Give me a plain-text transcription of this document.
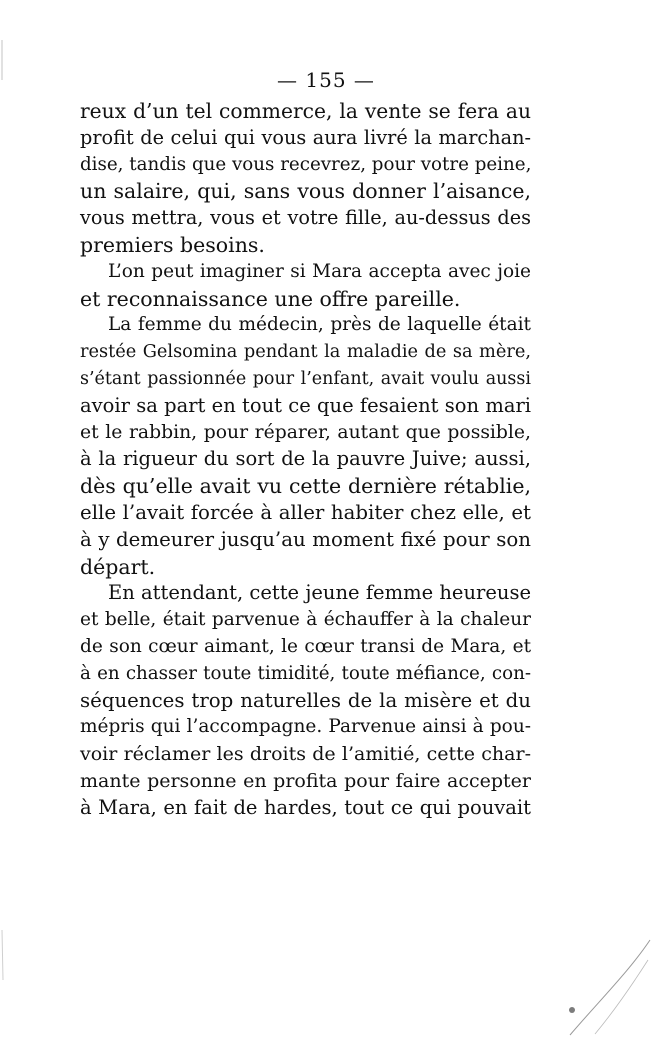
— 155 —
reux d’un tel commerce, la vente se fera au
profit de celui qui vous aura livré la marchan-
dise, tandis que vous recevrez, pour votre peine,
un salaire, qui, sans vous donner l’aisance,
vous mettra, vous et votre fille, au-dessus des
premiers besoins.
L’on peut imaginer si Mara accepta avec joie
et reconnaissance une offre pareille.
La femme du médecin, près de laquelle était
restée Gelsomina pendant la maladie de sa mère,
s’étant passionnée pour l’enfant, avait voulu aussi
avoir sa part en tout ce que fesaient son mari
et le rabbin, pour réparer, autant que possible,
à la rigueur du sort de la pauvre Juive; aussi,
dès qu’elle avait vu cette dernière rétablie,
elle l’avait forcée à aller habiter chez elle, et
à y demeurer jusqu’au moment fixé pour son
départ.
En attendant, cette jeune femme heureuse
et belle, était parvenue à échauffer à la chaleur
de son cœur aimant, le cœur transi de Mara, et
à en chasser toute timidité, toute méfiance, con-
séquences trop naturelles de la misère et du
mépris qui l’accompagne. Parvenue ainsi à pou-
voir réclamer les droits de l’amitié, cette char-
mante personne en profita pour faire accepter
à Mara, en fait de hardes, tout ce qui pouvait
